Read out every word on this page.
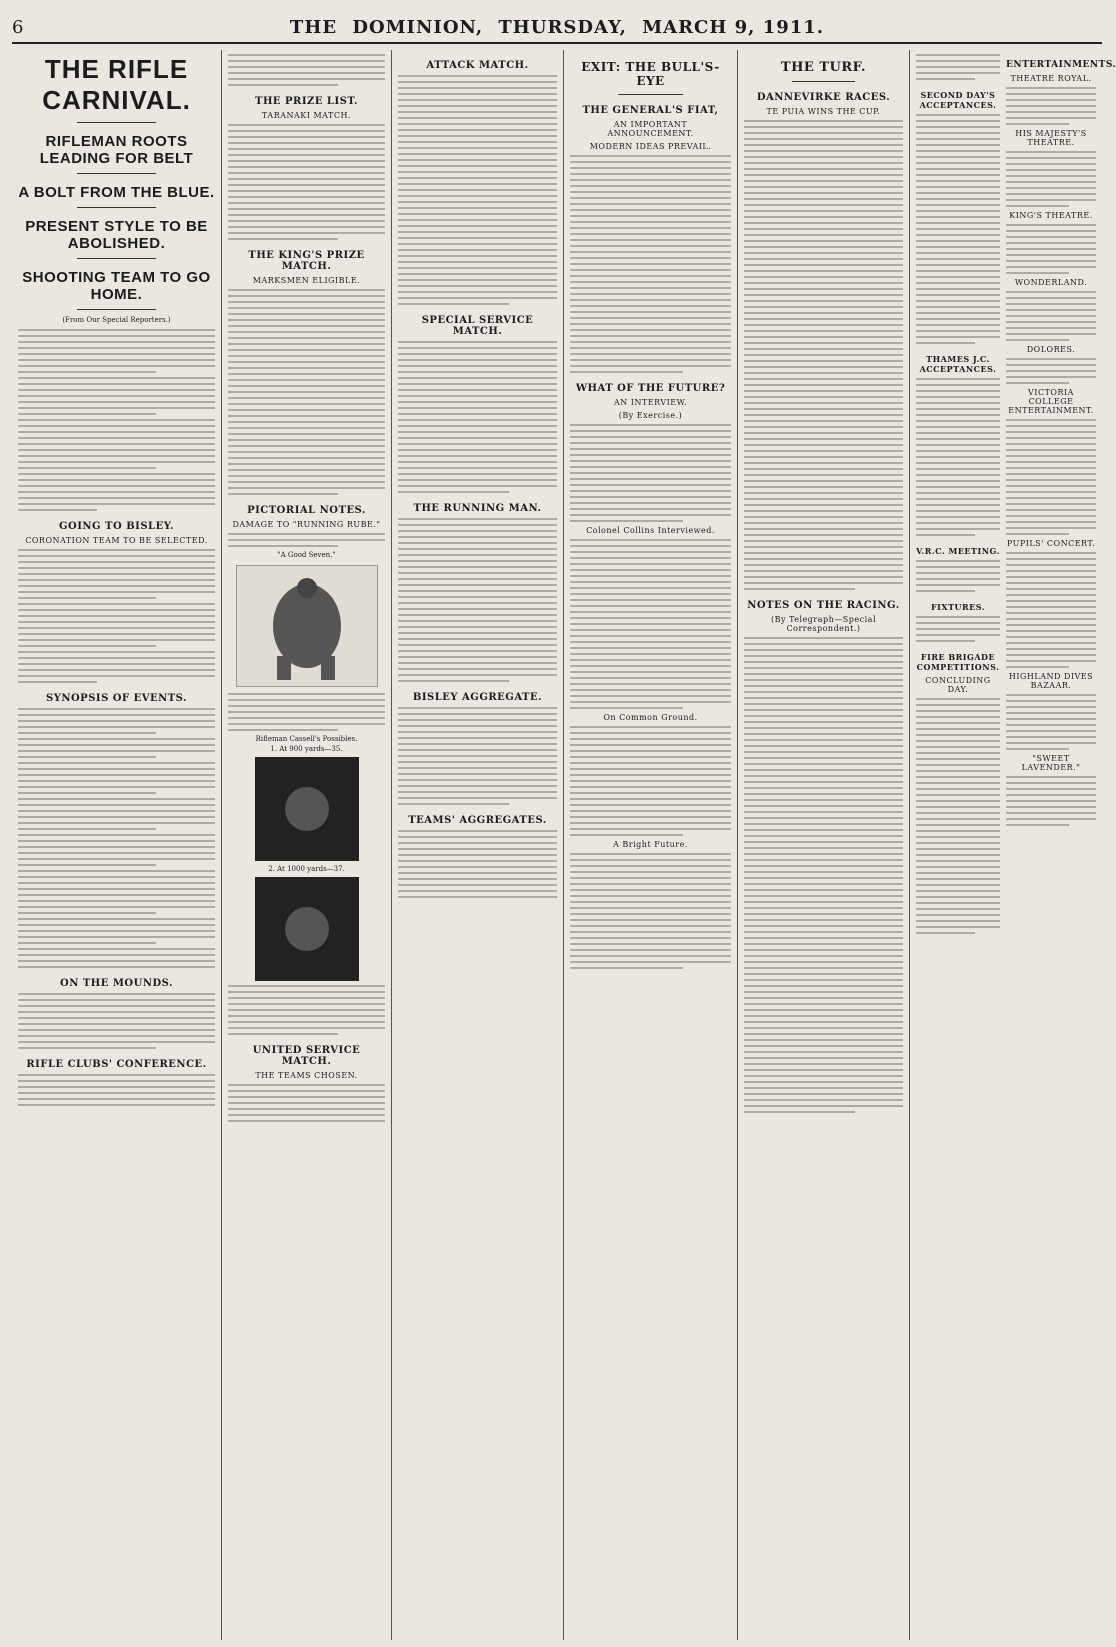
6	THE DOMINION, THURSDAY, MARCH 9, 1911.
THE RIFLE CARNIVAL.
RIFLEMAN ROOTS LEADING FOR BELT
A BOLT FROM THE BLUE.
PRESENT STYLE TO BE ABOLISHED.
SHOOTING TEAM TO GO HOME.
(From Our Special Reporters.)
GOING TO BISLEY.
CORONATION TEAM TO BE SELECTED.
SYNOPSIS OF EVENTS.
ON THE MOUNDS.
RIFLE CLUBS' CONFERENCE.
THE PRIZE LIST.
TARANAKI MATCH.
THE KING'S PRIZE MATCH.
MARKSMEN ELIGIBLE.
PICTORIAL NOTES.
DAMAGE TO "RUNNING RUBE."
"A Good Seven."
Rifleman Cassell's Possibles.
1. At 900 yards—35.
2. At 1000 yards—37.
UNITED SERVICE MATCH.
THE TEAMS CHOSEN.
ATTACK MATCH.
SPECIAL SERVICE MATCH.
THE RUNNING MAN.
BISLEY AGGREGATE.
TEAMS' AGGREGATES.
EXIT: THE BULL'S-EYE
THE GENERAL'S FIAT,
AN IMPORTANT ANNOUNCEMENT.
MODERN IDEAS PREVAIL.
WHAT OF THE FUTURE?
AN INTERVIEW.
(By Exercise.)
Colonel Collins Interviewed.
On Common Ground.
A Bright Future.
THE TURF.
DANNEVIRKE RACES.
TE PUIA WINS THE CUP.
NOTES ON THE RACING.
(By Telegraph—Special Correspondent.)
SECOND DAY'S ACCEPTANCES.
THAMES J.C. ACCEPTANCES.
V.R.C. MEETING.
FIXTURES.
FIRE BRIGADE COMPETITIONS.
CONCLUDING DAY.
ENTERTAINMENTS.
THEATRE ROYAL.
HIS MAJESTY'S THEATRE.
KING'S THEATRE.
WONDERLAND.
DOLORES.
VICTORIA COLLEGE ENTERTAINMENT.
PUPILS' CONCERT.
HIGHLAND DIVES BAZAAR.
"SWEET LAVENDER."
